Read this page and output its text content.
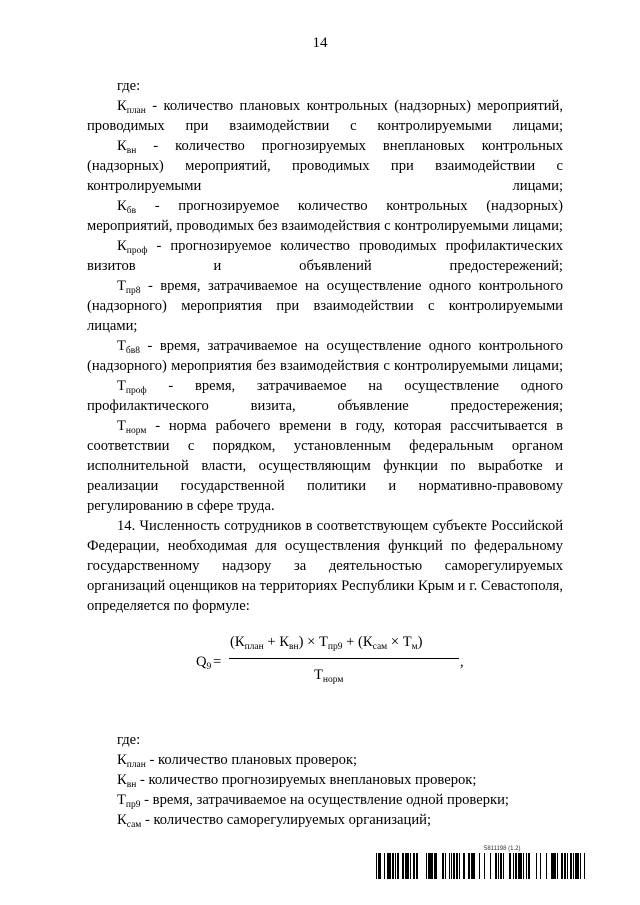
14

где:

$К_{план}$ - количество плановых контрольных (надзорных) мероприятий, проводимых при взаимодействии с контролируемыми лицами;

$К_{вн}$ - количество прогнозируемых внеплановых контрольных (надзорных) мероприятий, проводимых при взаимодействии с контролируемыми лицами;

$К_{бв}$ - прогнозируемое количество контрольных (надзорных) мероприятий, проводимых без взаимодействия с контролируемыми лицами;

$К_{проф}$ - прогнозируемое количество проводимых профилактических визитов и объявлений предостережений;

$Т_{пр8}$ - время, затрачиваемое на осуществление одного контрольного (надзорного) мероприятия при взаимодействии с контролируемыми лицами;

$Т_{бв8}$ - время, затрачиваемое на осуществление одного контрольного (надзорного) мероприятия без взаимодействия с контролируемыми лицами;

$Т_{проф}$ - время, затрачиваемое на осуществление одного профилактического визита, объявление предостережения;

$Т_{норм}$ - норма рабочего времени в году, которая рассчитывается в соответствии с порядком, установленным федеральным органом исполнительной власти, осуществляющим функции по выработке и реализации государственной политики и нормативно-правовому регулированию в сфере труда.

14. Численность сотрудников в соответствующем субъекте Российской Федерации, необходимая для осуществления функций по федеральному государственному надзору за деятельностью саморегулируемых организаций оценщиков на территориях Республики Крым и г. Севастополя, определяется по формуле:

$Q_9$ =
$(К_{план} + К_{вн}) \times Т_{пр9} + (К_{сам} \times Т_м)$
$Т_{норм}$
,

где:

$К_{план}$ - количество плановых проверок;

$К_{вн}$ - количество прогнозируемых внеплановых проверок;

$Т_{пр9}$ - время, затрачиваемое на осуществление одной проверки;

$К_{сам}$ - количество саморегулируемых организаций;

5811198 (1.2)
